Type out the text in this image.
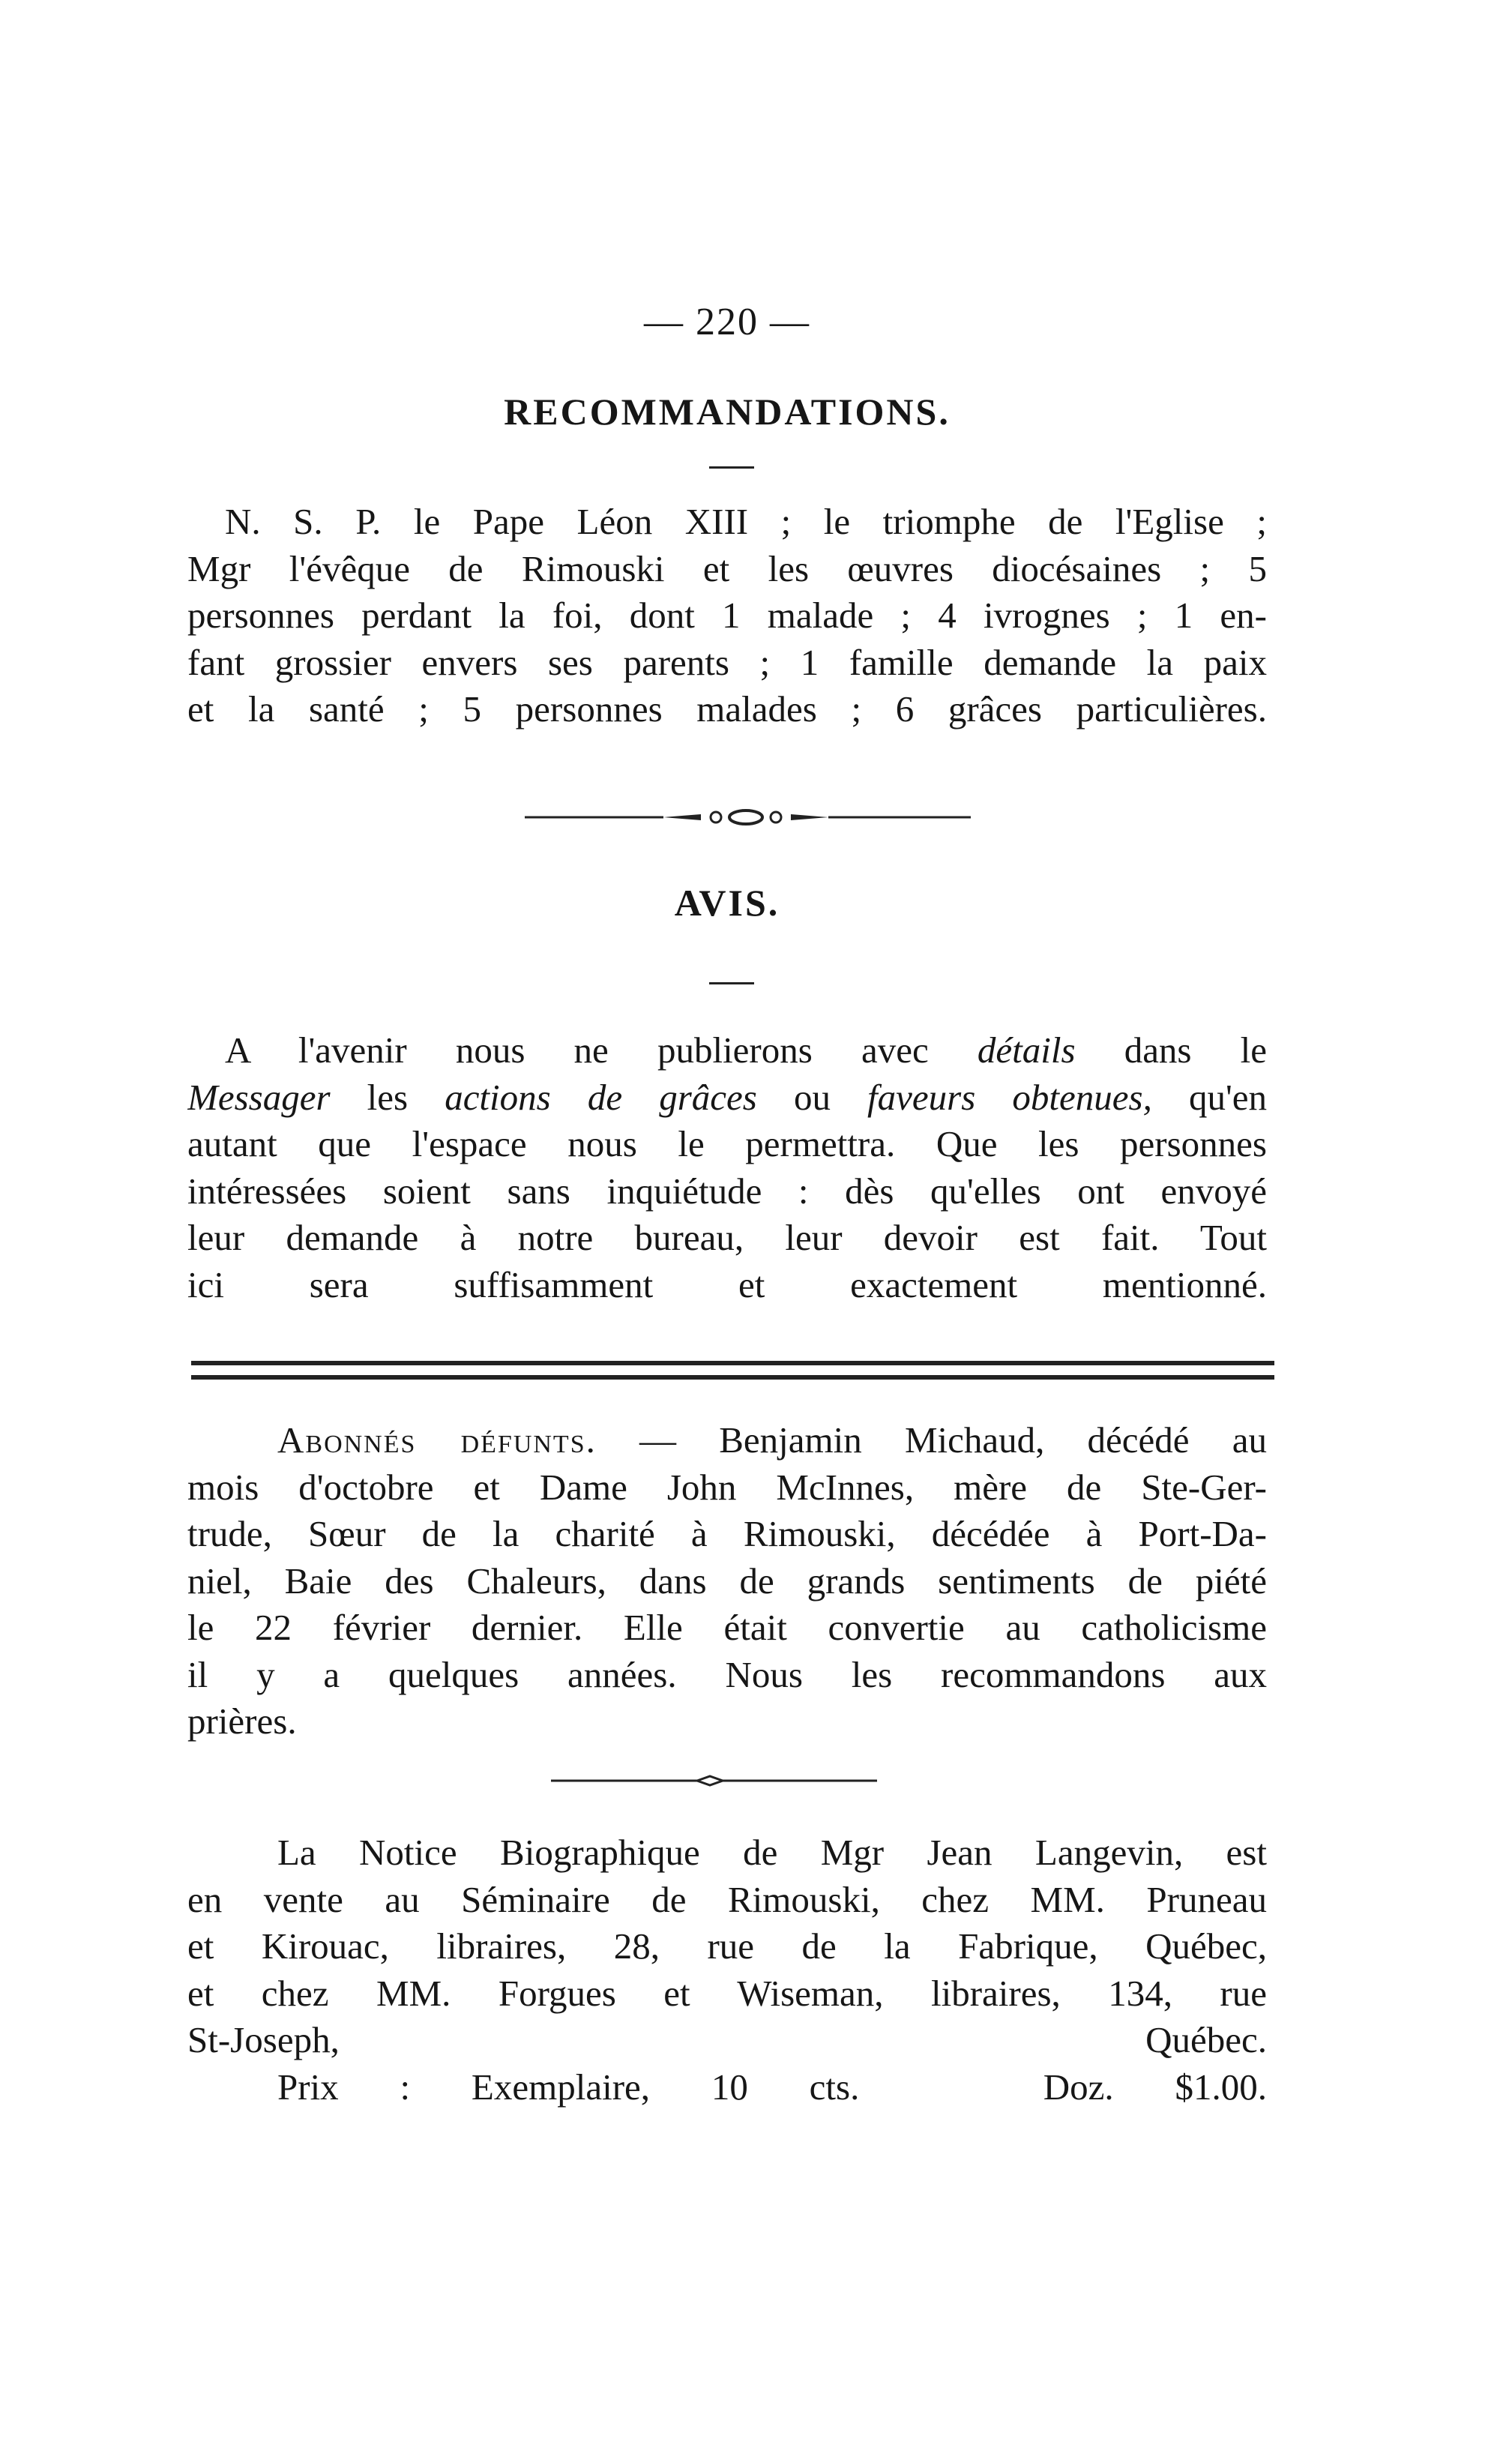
— 220 —
RECOMMANDATIONS.
N. S. P. le Pape Léon XIII ; le triomphe de l'Eglise ;
Mgr l'évêque de Rimouski et les œuvres diocésaines ; 5
personnes perdant la foi, dont 1 malade ; 4 ivrognes ; 1 en-
fant grossier envers ses parents ; 1 famille demande la paix
et la santé ; 5 personnes malades ; 6 grâces particulières.
AVIS.
A l'avenir nous ne publierons avec détails dans le
Messager les actions de grâces ou faveurs obtenues, qu'en
autant que l'espace nous le permettra. Que les personnes
intéressées soient sans inquiétude : dès qu'elles ont envoyé
leur demande à notre bureau, leur devoir est fait. Tout
ici sera suffisamment et exactement mentionné.
Abonnés défunts. — Benjamin Michaud, décédé au
mois d'octobre et Dame John McInnes, mère de Ste-Ger-
trude, Sœur de la charité à Rimouski, décédée à Port-Da-
niel, Baie des Chaleurs, dans de grands sentiments de piété
le 22 février dernier. Elle était convertie au catholicisme
il y a quelques années. Nous les recommandons aux
prières.
La Notice Biographique de Mgr Jean Langevin, est
en vente au Séminaire de Rimouski, chez MM. Pruneau
et Kirouac, libraires, 28, rue de la Fabrique, Québec,
et chez MM. Forgues et Wiseman, libraires, 134, rue
St-Joseph, Québec.
Prix : Exemplaire, 10 cts.   Doz. $1.00.
